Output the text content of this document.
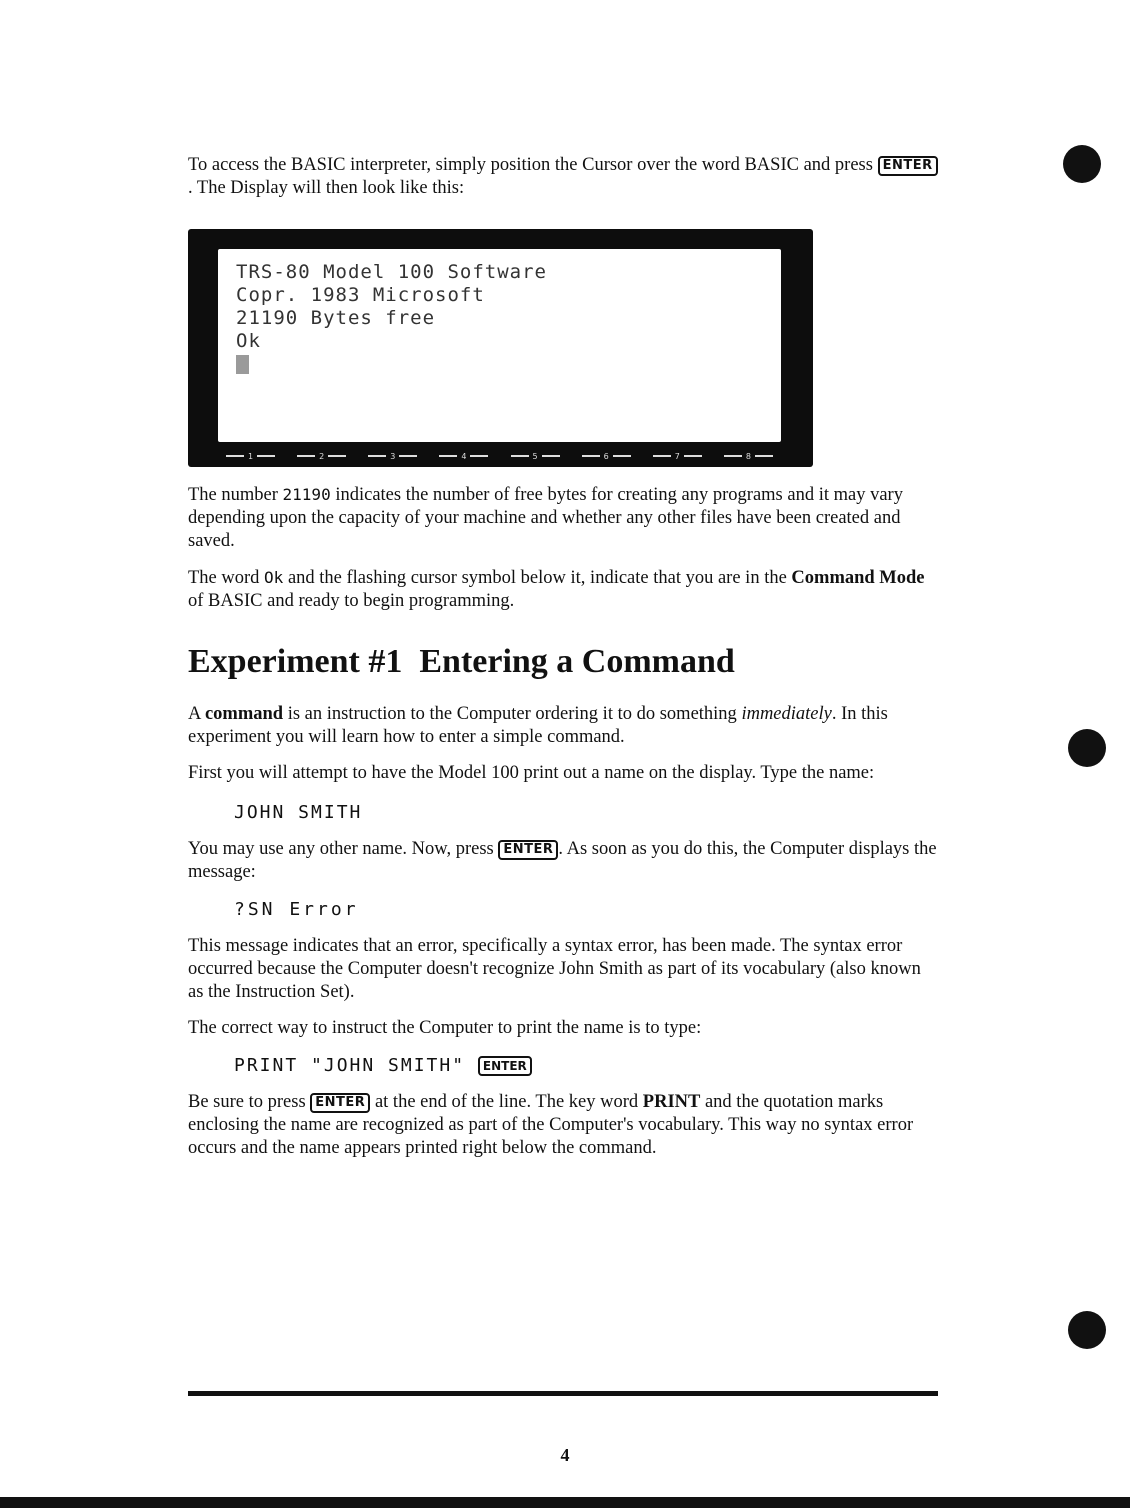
To access the BASIC interpreter, simply position the Cursor over the word BASIC and press ENTER. The Display will then look like this:

TRS-80 Model 100 Software
Copr. 1983 Microsoft
21190 Bytes free
Ok
1	2	3	4	5	6	7	8

The number 21190 indicates the number of free bytes for creating any programs and it may vary depending upon the capacity of your machine and whether any other files have been created and saved.

The word Ok and the flashing cursor symbol below it, indicate that you are in the Command Mode of BASIC and ready to begin programming.

Experiment #1  Entering a Command

A command is an instruction to the Computer ordering it to do something immediately. In this experiment you will learn how to enter a simple command.

First you will attempt to have the Model 100 print out a name on the display. Type the name:

JOHN SMITH

You may use any other name. Now, press ENTER . As soon as you do this, the Computer displays the message:

?SN Error

This message indicates that an error, specifically a syntax error, has been made. The syntax error occurred because the Computer doesn't recognize John Smith as part of its vocabulary (also known as the Instruction Set).

The correct way to instruct the Computer to print the name is to type:

PRINT "JOHN SMITH" ENTER

Be sure to press ENTER at the end of the line. The key word PRINT and the quotation marks enclosing the name are recognized as part of the Computer's vocabulary. This way no syntax error occurs and the name appears printed right below the command.

4
